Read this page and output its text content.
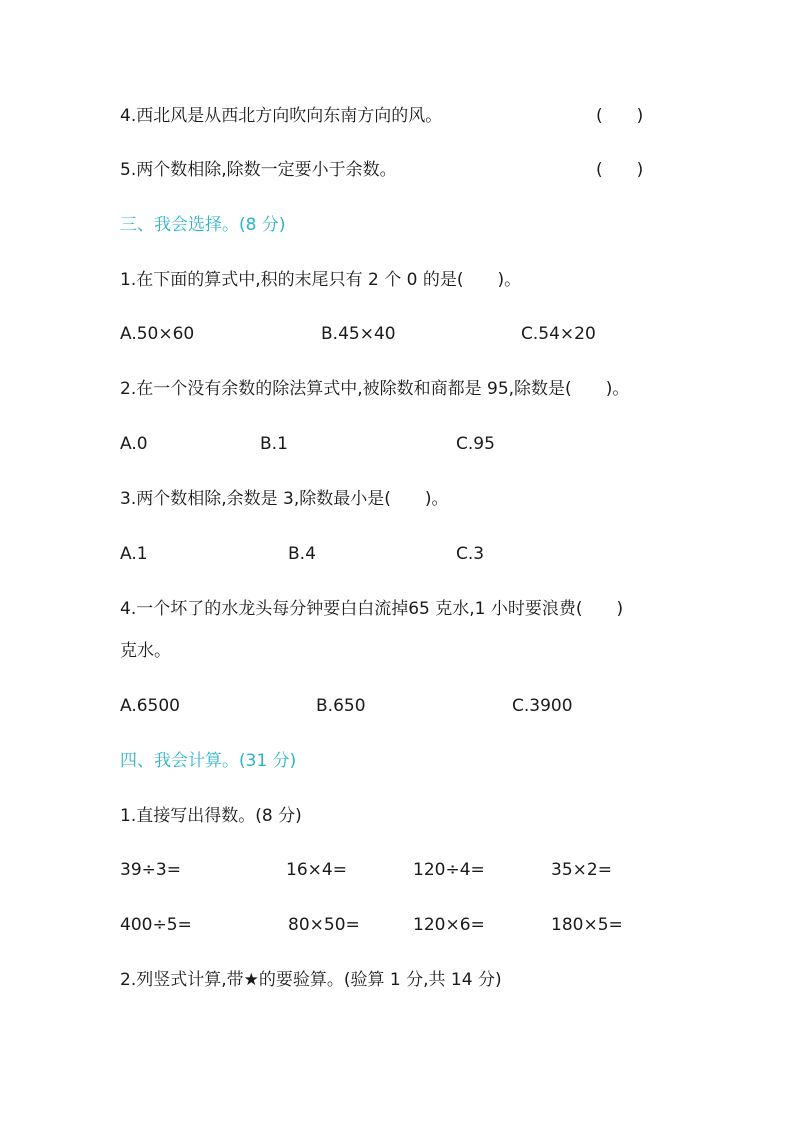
4.西北风是从西北方向吹向东南方向的风。	(　　)
5.两个数相除,除数一定要小于余数。	(　　)
三、我会选择。(8 分)
1.在下面的算式中,积的末尾只有 2 个 0 的是(　　)。
A.50×60	B.45×40	C.54×20
2.在一个没有余数的除法算式中,被除数和商都是 95,除数是(　　)。
A.0	B.1	C.95
3.两个数相除,余数是 3,除数最小是(　　)。
A.1	B.4	C.3
4.一个坏了的水龙头每分钟要白白流掉65 克水,1 小时要浪费(　　)
克水。
A.6500	B.650	C.3900
四、我会计算。(31 分)
1.直接写出得数。(8 分)
39÷3=	16×4=	120÷4=	35×2=
400÷5=	80×50=	120×6=	180×5=
2.列竖式计算,带★的要验算。(验算 1 分,共 14 分)
